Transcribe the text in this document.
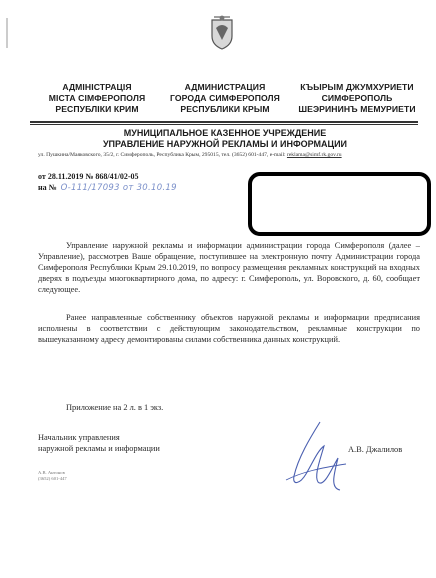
АДМІНІСТРАЦІЯ
МІСТА СІМФЕРОПОЛЯ
РЕСПУБЛІКИ КРИМ
АДМИНИСТРАЦИЯ
ГОРОДА СИМФЕРОПОЛЯ
РЕСПУБЛИКИ КРЫМ
КЪЫРЫМ ДЖУМХУРИЕТИ
СИМФЕРОПОЛЬ
ШЕЭРИНИНЪ МЕМУРИЕТИ
МУНИЦИПАЛЬНОЕ КАЗЕННОЕ УЧРЕЖДЕНИЕ
УПРАВЛЕНИЕ НАРУЖНОЙ РЕКЛАМЫ И ИНФОРМАЦИИ
ул. Пушкина/Маяковского, 35/2, г. Симферополь, Республика Крым, 295015, тел. (3652) 601-447, e-mail: reklama@simf.rk.gov.ru
от 28.11.2019 № 868/41/02-05
на № О-111/17093 от 30.10.19

Управление наружной рекламы и информации администрации города Симферополя (далее – Управление), рассмотрев Ваше обращение, поступившее на электронную почту Администрации города Симферополя Республики Крым 29.10.2019, по вопросу размещения рекламных конструкций на входных дверях в подъезды многоквартирного дома, по адресу: г. Симферополь, ул. Воровского, д. 60, сообщает следующее.

Ранее направленные собственнику объектов наружной рекламы и информации предписания исполнены в соответствии с действующим законодательством, рекламные конструкции по вышеуказанному адресу демонтированы силами собственника данных конструкций.

Приложение на 2 л. в 1 экз.
Начальник управления
наружной рекламы и информации	А.В. Джалилов
А.В. Антонов
(3652) 601-447
